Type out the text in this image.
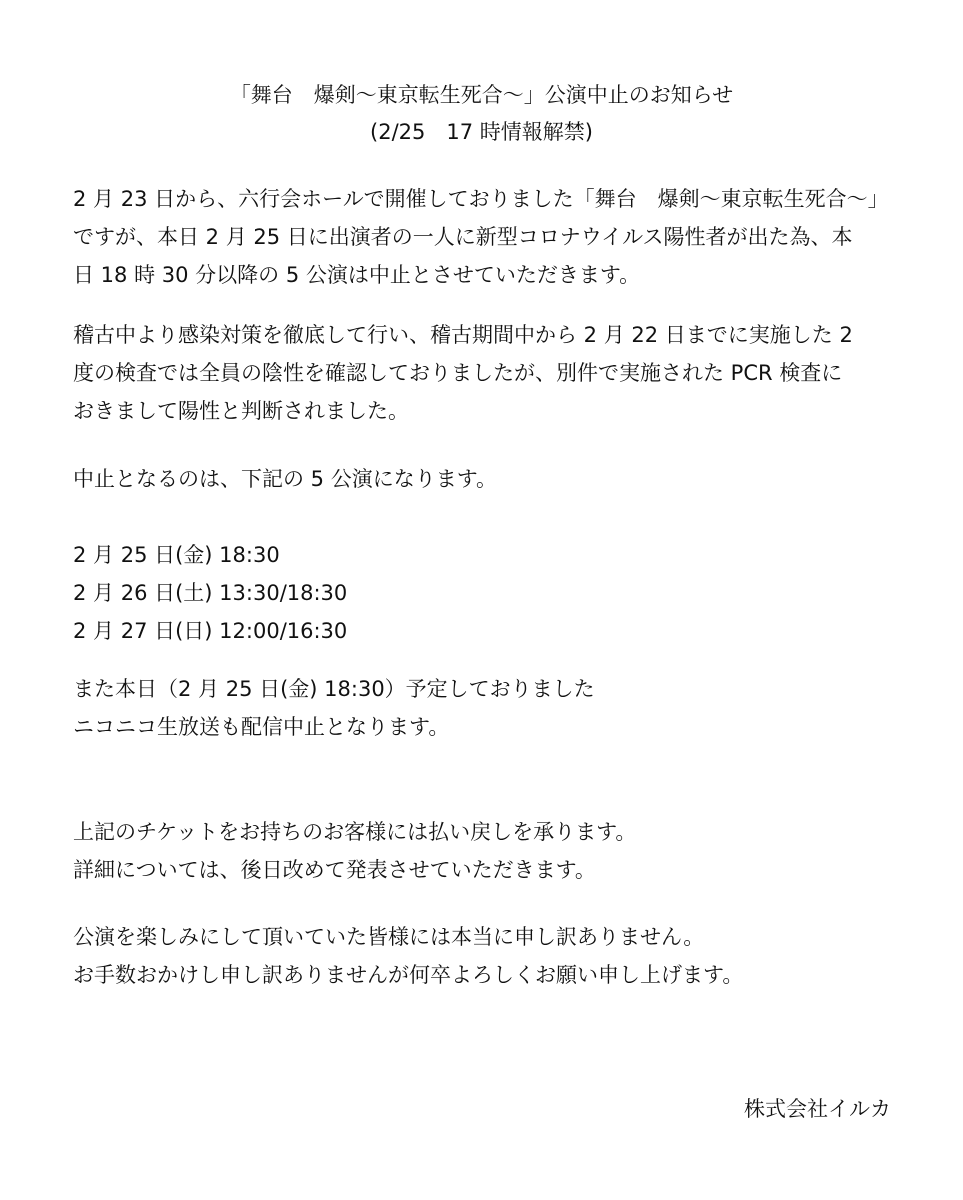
「舞台　爆剣～東京転生死合～」公演中止のお知らせ
(2/25　17 時情報解禁)
2 月 23 日から、六行会ホールで開催しておりました「舞台　爆剣～東京転生死合～」
ですが、本日 2 月 25 日に出演者の一人に新型コロナウイルス陽性者が出た為、本
日 18 時 30 分以降の 5 公演は中止とさせていただきます。
稽古中より感染対策を徹底して行い、稽古期間中から 2 月 22 日までに実施した 2
度の検査では全員の陰性を確認しておりましたが、別件で実施された PCR 検査に
おきまして陽性と判断されました。
中止となるのは、下記の 5 公演になります。
2 月 25 日(金) 18:30
2 月 26 日(土) 13:30/18:30
2 月 27 日(日) 12:00/16:30
また本日（2 月 25 日(金) 18:30）予定しておりました
ニコニコ生放送も配信中止となります。
上記のチケットをお持ちのお客様には払い戻しを承ります。
詳細については、後日改めて発表させていただきます。
公演を楽しみにして頂いていた皆様には本当に申し訳ありません。
お手数おかけし申し訳ありませんが何卒よろしくお願い申し上げます。
株式会社イルカ
